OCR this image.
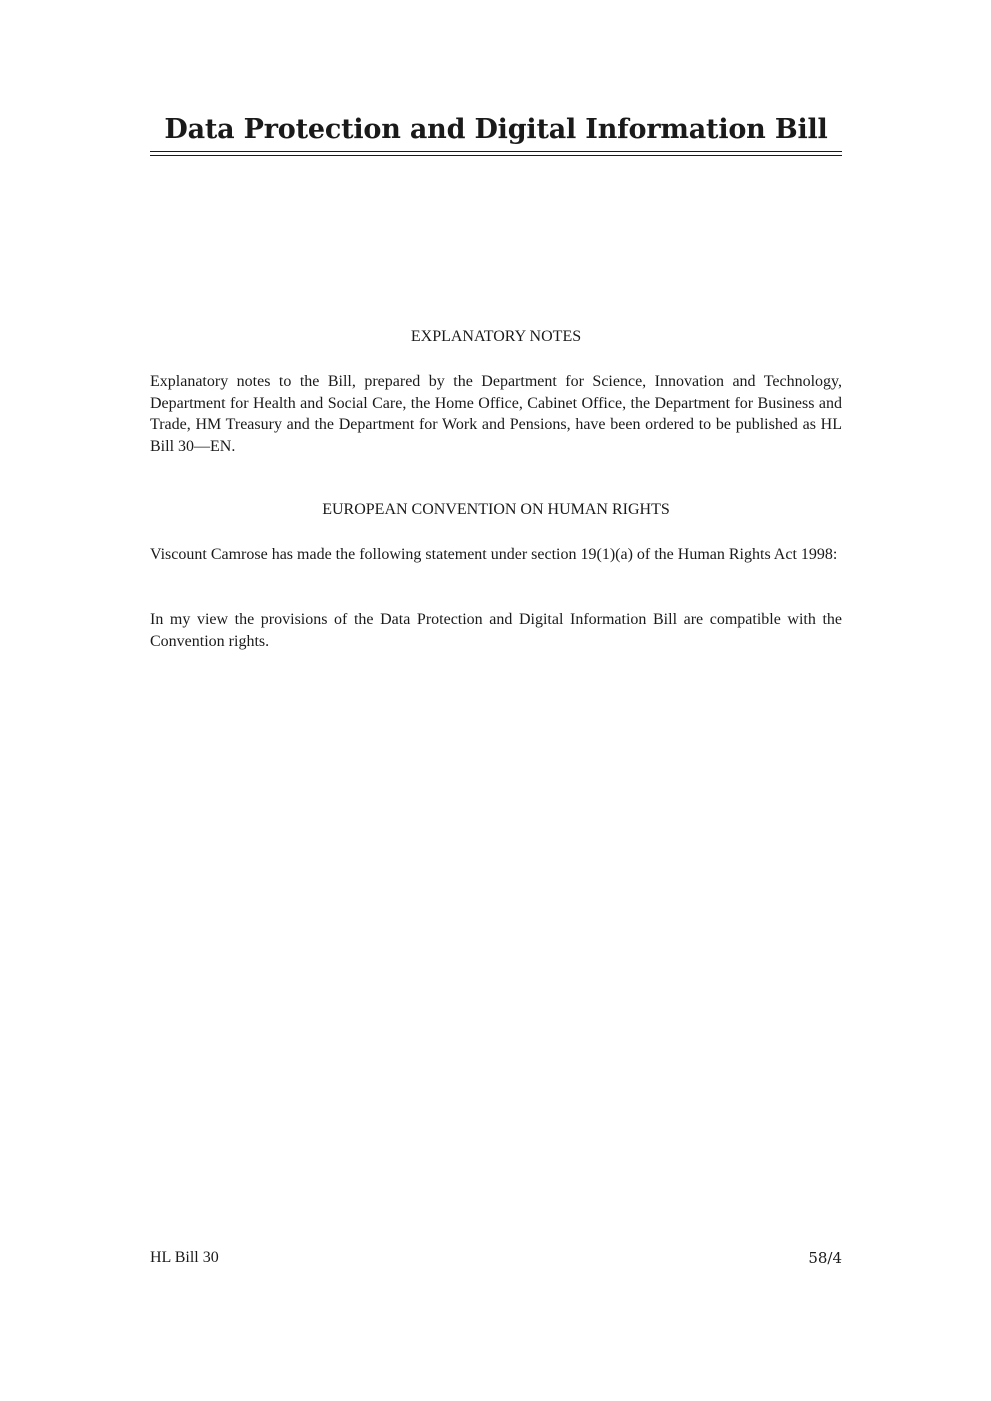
Data Protection and Digital Information Bill
EXPLANATORY NOTES

Explanatory notes to the Bill, prepared by the Department for Science, Innovation and Technology, Department for Health and Social Care, the Home Office, Cabinet Office, the Department for Business and Trade, HM Treasury and the Department for Work and Pensions, have been ordered to be published as HL Bill 30—EN.

EUROPEAN CONVENTION ON HUMAN RIGHTS

Viscount Camrose has made the following statement under section 19(1)(a) of the Human Rights Act 1998:

In my view the provisions of the Data Protection and Digital Information Bill are compatible with the Convention rights.

HL Bill 30	58/4
